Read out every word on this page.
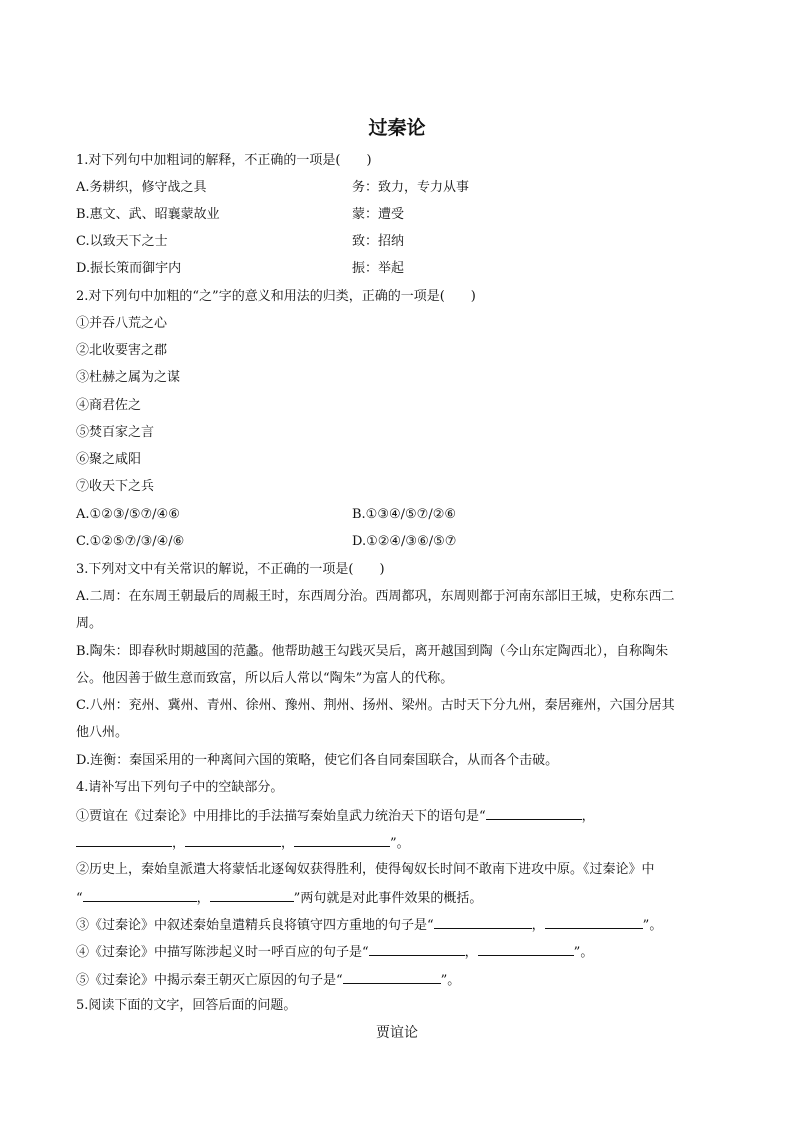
过秦论
1.对下列句中加粗词的解释，不正确的一项是(　　)
A.务耕织，修守战之具	务：致力，专力从事
B.惠文、武、昭襄蒙故业	蒙：遭受
C.以致天下之士	致：招纳
D.振长策而御宇内	振：举起
2.对下列句中加粗的“之”字的意义和用法的归类，正确的一项是(　　)
①并吞八荒之心
②北收要害之郡
③杜赫之属为之谋
④商君佐之
⑤焚百家之言
⑥聚之咸阳
⑦收天下之兵
A.①②③/⑤⑦/④⑥	B.①③④/⑤⑦/②⑥
C.①②⑤⑦/③/④/⑥	D.①②④/③⑥/⑤⑦
3.下列对文中有关常识的解说，不正确的一项是(　　)
A.二周：在东周王朝最后的周赧王时，东西周分治。西周都巩，东周则都于河南东部旧王城，史称东西二
周。
B.陶朱：即春秋时期越国的范蠡。他帮助越王勾践灭吴后，离开越国到陶（今山东定陶西北），自称陶朱
公。他因善于做生意而致富，所以后人常以“陶朱”为富人的代称。
C.八州：兖州、冀州、青州、徐州、豫州、荆州、扬州、梁州。古时天下分九州，秦居雍州，六国分居其
他八州。
D.连衡：秦国采用的一种离间六国的策略，使它们各自同秦国联合，从而各个击破。
4.请补写出下列句子中的空缺部分。
①贾谊在《过秦论》中用排比的手法描写秦始皇武力统治天下的语句是“	，
，	，	”。
②历史上，秦始皇派遣大将蒙恬北逐匈奴获得胜利，使得匈奴长时间不敢南下进攻中原。《过秦论》中
“	，	”两句就是对此事件效果的概括。
③《过秦论》中叙述秦始皇遣精兵良将镇守四方重地的句子是“	，	”。
④《过秦论》中描写陈涉起义时一呼百应的句子是“	，	”。
⑤《过秦论》中揭示秦王朝灭亡原因的句子是“	”。
5.阅读下面的文字，回答后面的问题。
贾谊论
